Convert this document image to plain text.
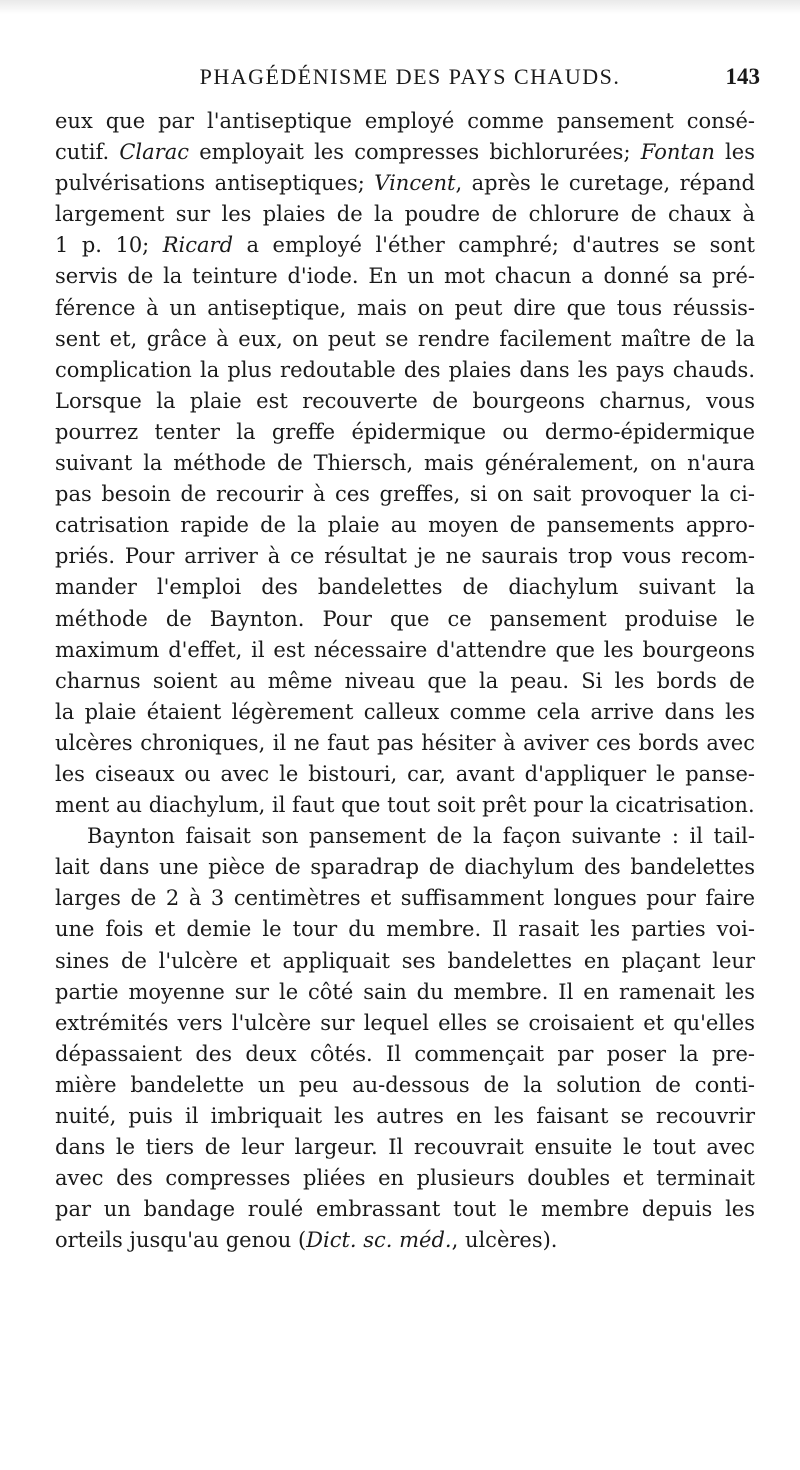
PHAGÉDÉNISME DES PAYS CHAUDS.	143

eux que par l'antiseptique employé comme pansement consé-
cutif. Clarac employait les compresses bichlorurées; Fontan les
pulvérisations antiseptiques; Vincent, après le curetage, répand
largement sur les plaies de la poudre de chlorure de chaux à
1 p. 10; Ricard a employé l'éther camphré; d'autres se sont
servis de la teinture d'iode. En un mot chacun a donné sa pré-
férence à un antiseptique, mais on peut dire que tous réussis-
sent et, grâce à eux, on peut se rendre facilement maître de la
complication la plus redoutable des plaies dans les pays chauds.
Lorsque la plaie est recouverte de bourgeons charnus, vous
pourrez tenter la greffe épidermique ou dermo-épidermique
suivant la méthode de Thiersch, mais généralement, on n'aura
pas besoin de recourir à ces greffes, si on sait provoquer la ci-
catrisation rapide de la plaie au moyen de pansements appro-
priés. Pour arriver à ce résultat je ne saurais trop vous recom-
mander l'emploi des bandelettes de diachylum suivant la
méthode de Baynton. Pour que ce pansement produise le
maximum d'effet, il est nécessaire d'attendre que les bourgeons
charnus soient au même niveau que la peau. Si les bords de
la plaie étaient légèrement calleux comme cela arrive dans les
ulcères chroniques, il ne faut pas hésiter à aviver ces bords avec
les ciseaux ou avec le bistouri, car, avant d'appliquer le panse-
ment au diachylum, il faut que tout soit prêt pour la cicatrisation.

Baynton faisait son pansement de la façon suivante : il tail-
lait dans une pièce de sparadrap de diachylum des bandelettes
larges de 2 à 3 centimètres et suffisamment longues pour faire
une fois et demie le tour du membre. Il rasait les parties voi-
sines de l'ulcère et appliquait ses bandelettes en plaçant leur
partie moyenne sur le côté sain du membre. Il en ramenait les
extrémités vers l'ulcère sur lequel elles se croisaient et qu'elles
dépassaient des deux côtés. Il commençait par poser la pre-
mière bandelette un peu au-dessous de la solution de conti-
nuité, puis il imbriquait les autres en les faisant se recouvrir
dans le tiers de leur largeur. Il recouvrait ensuite le tout avec
avec des compresses pliées en plusieurs doubles et terminait
par un bandage roulé embrassant tout le membre depuis les
orteils jusqu'au genou (Dict. sc. méd., ulcères).
